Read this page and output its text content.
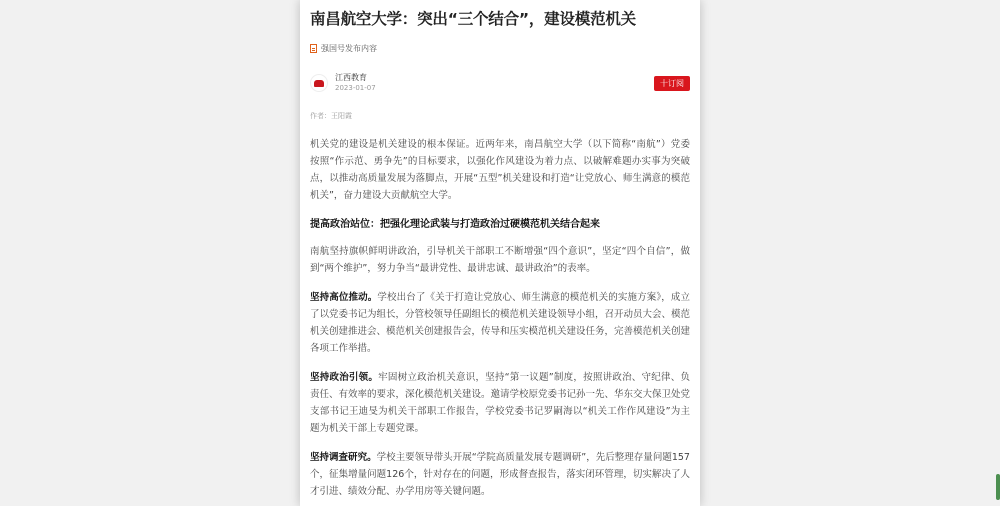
南昌航空大学：突出“三个结合”，建设模范机关
强国号发布内容
江西教育
2023-01-07
十订阅
作者：王阳霞

机关党的建设是机关建设的根本保证。近两年来，南昌航空大学（以下简称“南航”）党委按照“作示范、勇争先”的目标要求，以强化作风建设为着力点、以破解难题办实事为突破点，以推动高质量发展为落脚点，开展“五型”机关建设和打造“让党放心、师生满意的模范机关”，奋力建设大贡献航空大学。

提高政治站位：把强化理论武装与打造政治过硬模范机关结合起来

南航坚持旗帜鲜明讲政治，引导机关干部职工不断增强“四个意识”，坚定“四个自信”，做到“两个维护”，努力争当“最讲党性、最讲忠诚、最讲政治”的表率。

坚持高位推动。学校出台了《关于打造让党放心、师生满意的模范机关的实施方案》，成立了以党委书记为组长，分管校领导任副组长的模范机关建设领导小组，召开动员大会、模范机关创建推进会、模范机关创建报告会，传导和压实模范机关建设任务，完善模范机关创建各项工作举措。

坚持政治引领。牢固树立政治机关意识，坚持“第一议题”制度，按照讲政治、守纪律、负责任、有效率的要求，深化模范机关建设。邀请学校原党委书记孙一先、华东交大保卫处党支部书记王迪旻为机关干部职工作报告，学校党委书记罗嗣海以“机关工作作风建设”为主题为机关干部上专题党课。

坚持调查研究。学校主要领导带头开展“学院高质量发展专题调研”，先后整理存量问题157个，征集增量问题126个，针对存在的问题，形成督查报告，落实闭环管理，切实解决了人才引进、绩效分配、办学用房等关键问题。
